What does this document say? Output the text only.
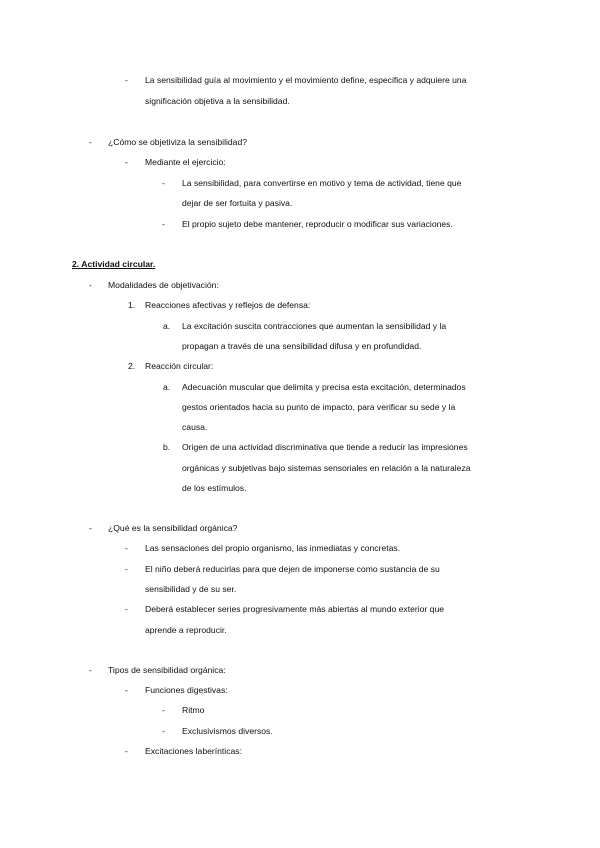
- La sensibilidad guía al movimiento y el movimiento define, especifica y adquiere una
significación objetiva a la sensibilidad.
- ¿Cómo se objetiviza la sensibilidad?
- Mediante el ejercicio:
- La sensibilidad, para convertirse en motivo y tema de actividad, tiene que
dejar de ser fortuita y pasiva.
- El propio sujeto debe mantener, reproducir o modificar sus variaciones.
2. Actividad circular.
- Modalidades de objetivación:
1. Reacciones afectivas y reflejos de defensa:
a. La excitación suscita contracciones que aumentan la sensibilidad y la
propagan a través de una sensibilidad difusa y en profundidad.
2. Reacción circular:
a. Adecuación muscular que delimita y precisa esta excitación, determinados
gestos orientados hacia su punto de impacto, para verificar su sede y la
causa.
b. Origen de una actividad discriminativa que tiende a reducir las impresiones
orgánicas y subjetivas bajo sistemas sensoriales en relación a la naturaleza
de los estímulos.
- ¿Qué es la sensibilidad orgánica?
- Las sensaciones del propio organismo, las inmediatas y concretas.
- El niño deberá reducirlas para que dejen de imponerse como sustancia de su
sensibilidad y de su ser.
- Deberá establecer series progresivamente más abiertas al mundo exterior que
aprende a reproducir.
- Tipos de sensibilidad orgánica:
- Funciones digestivas:
- Ritmo
- Exclusivismos diversos.
- Excitaciones laberínticas:
